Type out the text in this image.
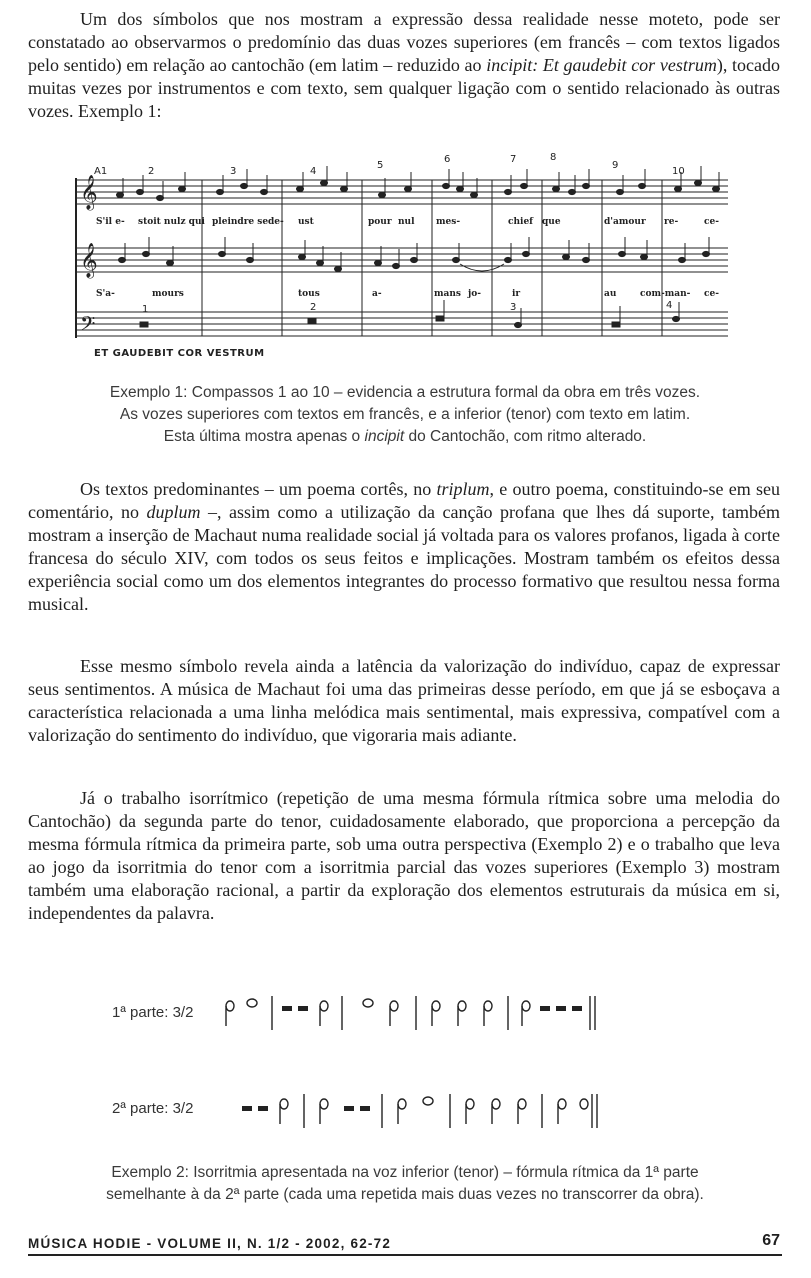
Um dos símbolos que nos mostram a expressão dessa realidade nesse moteto, pode ser constatado ao observarmos o predomínio das duas vozes superiores (em francês – com textos ligados pelo sentido) em relação ao cantochão (em latim – reduzido ao incipit: Et gaudebit cor vestrum), tocado muitas vezes por instrumentos e com texto, sem qualquer ligação com o sentido relacionado às outras vozes. Exemplo 1:

𝄞
𝄞
𝄢
A1	2	3	4
5
6	7	8
9
10
S'il e- stoit nulz qui pleindre se de- ust	pour nul mes-	chief que	d'amour re-	ce-
S'a-	mours	tous	a-	mans jo-	ir	au	com-man- ce-
1	2	3	4
ET GAUDEBIT COR VESTRUM

Exemplo 1: Compassos 1 ao 10 – evidencia a estrutura formal da obra em três vozes.
As vozes superiores com textos em francês, e a inferior (tenor) com texto em latim.
Esta última mostra apenas o incipit do Cantochão, com ritmo alterado.

Os textos predominantes – um poema cortês, no triplum, e outro poema, constituindo-se em seu comentário, no duplum –, assim como a utilização da canção profana que lhes dá suporte, também mostram a inserção de Machaut numa realidade social já voltada para os valores profanos, ligada à corte francesa do século XIV, com todos os seus feitos e implicações. Mostram também os efeitos dessa experiência social como um dos elementos integrantes do processo formativo que resultou nessa forma musical.

Esse mesmo símbolo revela ainda a latência da valorização do indivíduo, capaz de expressar seus sentimentos. A música de Machaut foi uma das primeiras desse período, em que já se esboçava a característica relacionada a uma linha melódica mais sentimental, mais expressiva, compatível com a valorização do sentimento do indivíduo, que vigoraria mais adiante.

Já o trabalho isorrítmico (repetição de uma mesma fórmula rítmica sobre uma melodia do Cantochão) da segunda parte do tenor, cuidadosamente elaborado, que proporciona a percepção da mesma fórmula rítmica da primeira parte, sob uma outra perspectiva (Exemplo 2) e o trabalho que leva ao jogo da isorritmia do tenor com a isorritmia parcial das vozes superiores (Exemplo 3) mostram também uma elaboração racional, a partir da exploração dos elementos estruturais da música em si, independentes da palavra.

1ª parte: 3/2
2ª parte: 3/2

Exemplo 2: Isorritmia apresentada na voz inferior (tenor) – fórmula rítmica da 1ª parte
semelhante à da 2ª parte (cada uma repetida mais duas vezes no transcorrer da obra).

MÚSICA HODIE - VOLUME II, N. 1/2 - 2002, 62-72	67
